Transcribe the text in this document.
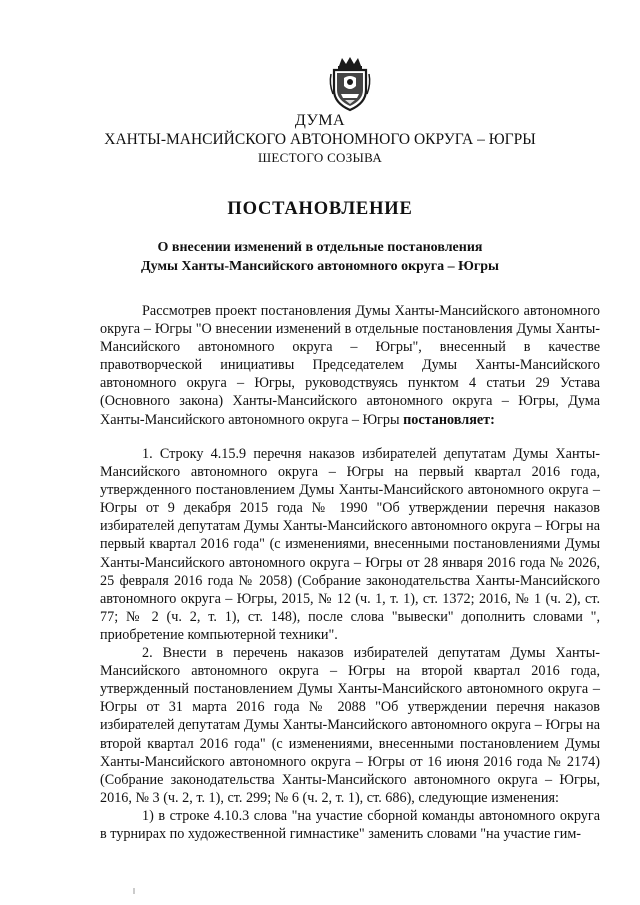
ДУМА
ХАНТЫ-МАНСИЙСКОГО АВТОНОМНОГО ОКРУГА – ЮГРЫ
ШЕСТОГО СОЗЫВА
ПОСТАНОВЛЕНИЕ
О внесении изменений в отдельные постановления
Думы Ханты-Мансийского автономного округа – Югры

Рассмотрев проект постановления Думы Ханты-Мансийского автономного округа – Югры "О внесении изменений в отдельные постановления Думы Ханты-Мансийского автономного округа – Югры", внесенный в качестве правотворческой инициативы Председателем Думы Ханты-Мансийского автономного округа – Югры, руководствуясь пунктом 4 статьи 29 Устава (Основного закона) Ханты-Мансийского автономного округа – Югры, Дума Ханты-Мансийского автономного округа – Югры постановляет:

1. Строку 4.15.9 перечня наказов избирателей депутатам Думы Ханты-Мансийского автономного округа – Югры на первый квартал 2016 года, утвержденного постановлением Думы Ханты-Мансийского автономного округа – Югры от 9 декабря 2015 года № 1990 "Об утверждении перечня наказов избирателей депутатам Думы Ханты-Мансийского автономного округа – Югры на первый квартал 2016 года" (с изменениями, внесенными постановлениями Думы Ханты-Мансийского автономного округа – Югры от 28 января 2016 года № 2026, 25 февраля 2016 года № 2058) (Собрание законодательства Ханты-Мансийского автономного округа – Югры, 2015, № 12 (ч. 1, т. 1), ст. 1372; 2016, № 1 (ч. 2), ст. 77; № 2 (ч. 2, т. 1), ст. 148), после слова "вывески" дополнить словами ", приобретение компьютерной техники".

2. Внести в перечень наказов избирателей депутатам Думы Ханты-Мансийского автономного округа – Югры на второй квартал 2016 года, утвержденный постановлением Думы Ханты-Мансийского автономного округа – Югры от 31 марта 2016 года № 2088 "Об утверждении перечня наказов избирателей депутатам Думы Ханты-Мансийского автономного округа – Югры на второй квартал 2016 года" (с изменениями, внесенными постановлением Думы Ханты-Мансийского автономного округа – Югры от 16 июня 2016 года № 2174) (Собрание законодательства Ханты-Мансийского автономного округа – Югры, 2016, № 3 (ч. 2, т. 1), ст. 299; № 6 (ч. 2, т. 1), ст. 686), следующие изменения:

1) в строке 4.10.3 слова "на участие сборной команды автономного округа в турнирах по художественной гимнастике" заменить словами "на участие гим-
